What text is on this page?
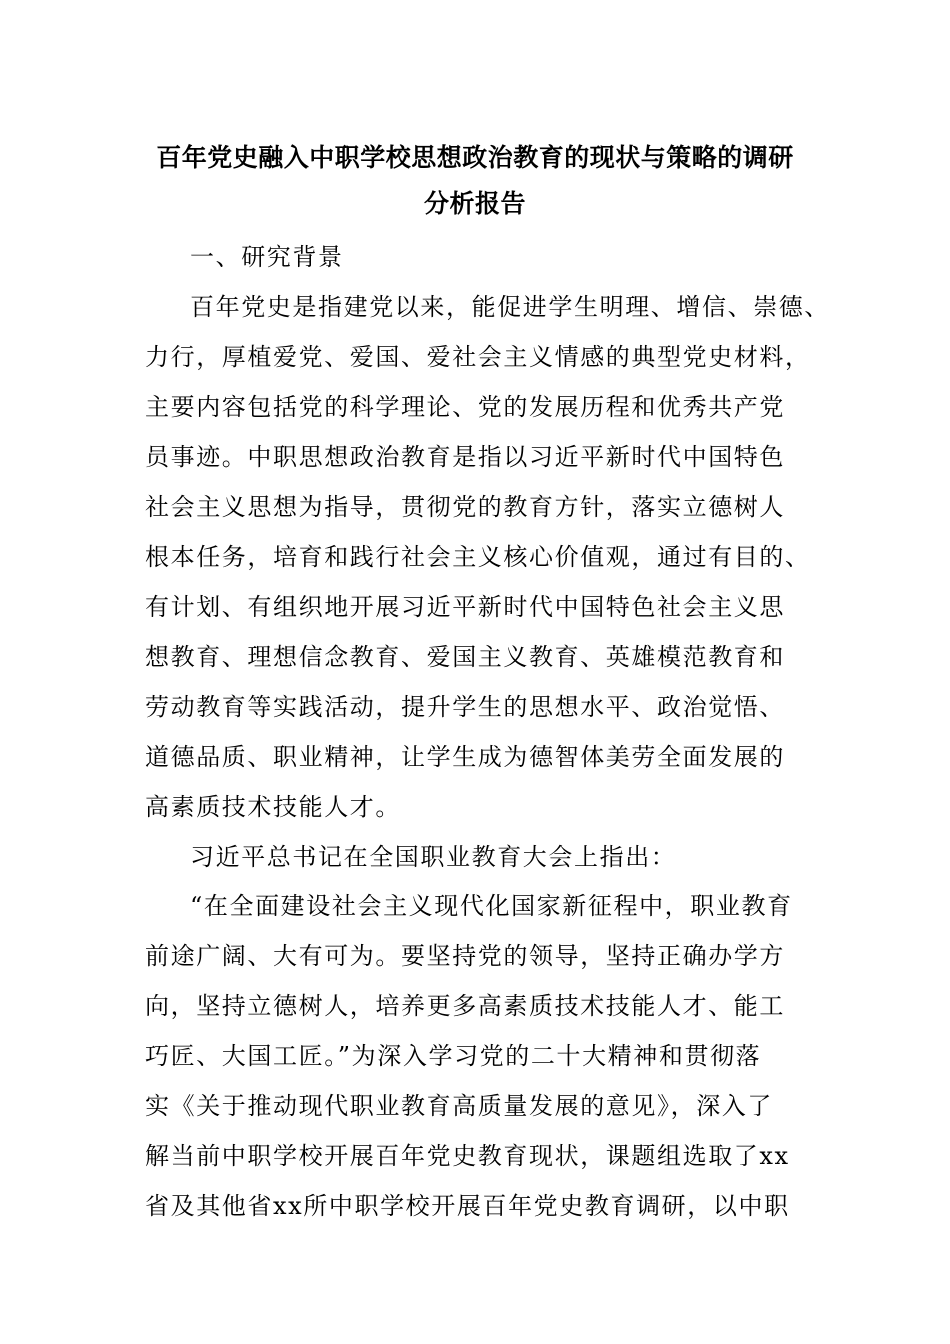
百年党史融入中职学校思想政治教育的现状与策略的调研
分析报告
一、研究背景
百年党史是指建党以来，能促进学生明理、增信、崇德、
力行，厚植爱党、爱国、爱社会主义情感的典型党史材料，
主要内容包括党的科学理论、党的发展历程和优秀共产党
员事迹。中职思想政治教育是指以习近平新时代中国特色
社会主义思想为指导，贯彻党的教育方针，落实立德树人
根本任务，培育和践行社会主义核心价值观，通过有目的、
有计划、有组织地开展习近平新时代中国特色社会主义思
想教育、理想信念教育、爱国主义教育、英雄模范教育和
劳动教育等实践活动，提升学生的思想水平、政治觉悟、
道德品质、职业精神，让学生成为德智体美劳全面发展的
高素质技术技能人才。
习近平总书记在全国职业教育大会上指出：
“在全面建设社会主义现代化国家新征程中，职业教育
前途广阔、大有可为。要坚持党的领导，坚持正确办学方
向，坚持立德树人，培养更多高素质技术技能人才、能工
巧匠、大国工匠。”为深入学习党的二十大精神和贯彻落
实《关于推动现代职业教育高质量发展的意见》，深入了
解当前中职学校开展百年党史教育现状，课题组选取了xx
省及其他省xx所中职学校开展百年党史教育调研，以中职
